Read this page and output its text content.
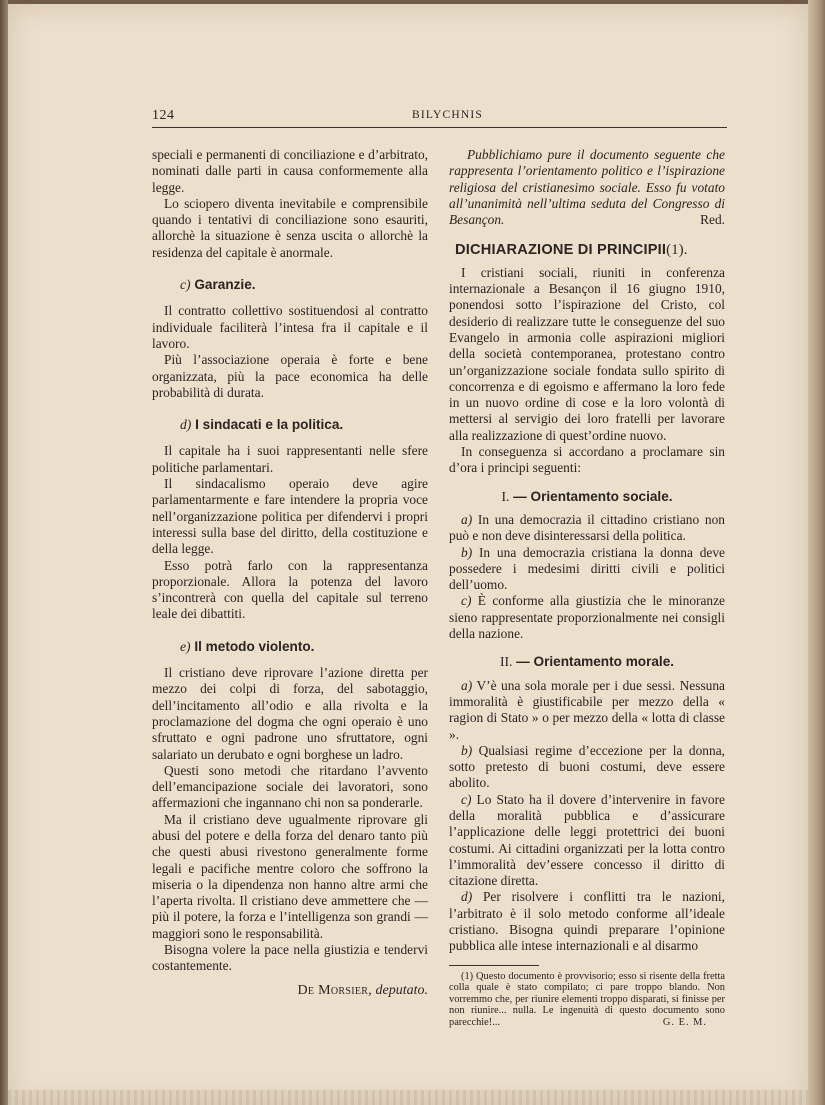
124	BILYCHNIS

speciali e permanenti di conciliazione e d’arbitrato, nominati dalle parti in causa conformemente alla legge.

Lo sciopero diventa inevitabile e comprensibile quando i tentativi di conciliazione sono esauriti, allorchè la situazione è senza uscita o allorchè la residenza del capitale è anormale.

c) Garanzie.

Il contratto collettivo sostituendosi al contratto individuale faciliterà l’intesa fra il capitale e il lavoro.

Più l’associazione operaia è forte e bene organizzata, più la pace economica ha delle probabilità di durata.

d) I sindacati e la politica.

Il capitale ha i suoi rappresentanti nelle sfere politiche parlamentari.

Il sindacalismo operaio deve agire parlamentarmente e fare intendere la propria voce nell’organizzazione politica per difendervi i propri interessi sulla base del diritto, della costituzione e della legge.

Esso potrà farlo con la rappresentanza proporzionale. Allora la potenza del lavoro s’incontrerà con quella del capitale sul terreno leale dei dibattiti.

e) Il metodo violento.

Il cristiano deve riprovare l’azione diretta per mezzo dei colpi di forza, del sabotaggio, dell’incitamento all’odio e alla rivolta e la proclamazione del dogma che ogni operaio è uno sfruttato e ogni padrone uno sfruttatore, ogni salariato un derubato e ogni borghese un ladro.

Questi sono metodi che ritardano l’avvento dell’emancipazione sociale dei lavoratori, sono affermazioni che ingannano chi non sa ponderarle.

Ma il cristiano deve ugualmente riprovare gli abusi del potere e della forza del denaro tanto più che questi abusi rivestono generalmente forme legali e pacifiche mentre coloro che soffrono la miseria o la dipendenza non hanno altre armi che l’aperta rivolta. Il cristiano deve ammettere che — più il potere, la forza e l’intelligenza son grandi — maggiori sono le responsabilità.

Bisogna volere la pace nella giustizia e tendervi costantemente.

De Morsier, deputato.

Pubblichiamo pure il documento seguente che rappresenta l’orientamento politico e l’ispirazione religiosa del cristianesimo sociale. Esso fu votato all’unanimità nell’ultima seduta del Congresso di Besançon.	Red.

DICHIARAZIONE DI PRINCIPII(1).

I cristiani sociali, riuniti in conferenza internazionale a Besançon il 16 giugno 1910, ponendosi sotto l’ispirazione del Cristo, col desiderio di realizzare tutte le conseguenze del suo Evangelo in armonia colle aspirazioni migliori della società contemporanea, protestano contro un’organizzazione sociale fondata sullo spirito di concorrenza e di egoismo e affermano la loro fede in un nuovo ordine di cose e la loro volontà di mettersi al servigio dei loro fratelli per lavorare alla realizzazione di quest’ordine nuovo.

In conseguenza si accordano a proclamare sin d’ora i principi seguenti:

I. — Orientamento sociale.

a) In una democrazia il cittadino cristiano non può e non deve disinteressarsi della politica.

b) In una democrazia cristiana la donna deve possedere i medesimi diritti civili e politici dell’uomo.

c) È conforme alla giustizia che le minoranze sieno rappresentate proporzionalmente nei consigli della nazione.

II. — Orientamento morale.

a) V’è una sola morale per i due sessi. Nessuna immoralità è giustificabile per mezzo della « ragion di Stato » o per mezzo della « lotta di classe ».

b) Qualsiasi regime d’eccezione per la donna, sotto pretesto di buoni costumi, deve essere abolito.

c) Lo Stato ha il dovere d’intervenire in favore della moralità pubblica e d’assicurare l’applicazione delle leggi protettrici dei buoni costumi. Ai cittadini organizzati per la lotta contro l’immoralità dev’essere concesso il diritto di citazione diretta.

d) Per risolvere i conflitti tra le nazioni, l’arbitrato è il solo metodo conforme all’ideale cristiano. Bisogna quindi preparare l’opinione pubblica alle intese internazionali e al disarmo

(1) Questo documento è provvisorio; esso si risente della fretta colla quale è stato compilato; ci pare troppo blando. Non vorremmo che, per riunire elementi troppo disparati, si finisse per non riunire... nulla. Le ingenuità di questo documento sono parecchie!...	G. E. M.
